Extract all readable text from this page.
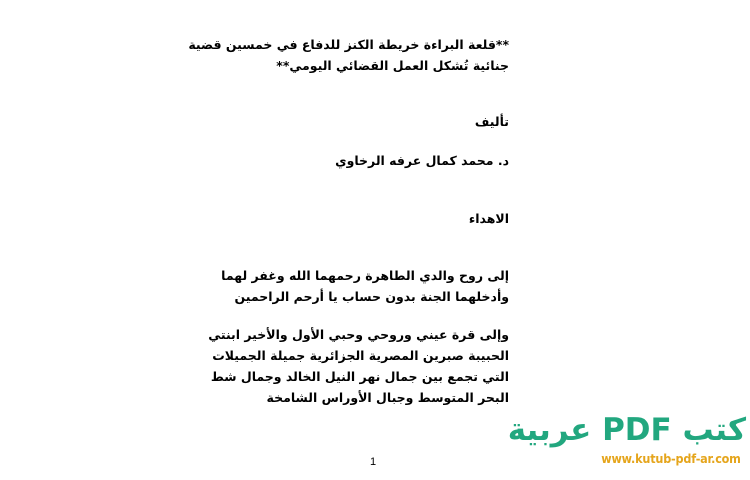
**قلعة البراءة خريطة الكنز للدفاع في خمسين قضية
جنائية تُشكل العمل القضائي اليومي**
تأليف
د. محمد كمال عرفه الرخاوي
الاهداء
إلى روح والدي الطاهرة رحمهما الله وغفر لهما
وأدخلهما الجنة بدون حساب يا أرحم الراحمين
وإلى قرة عيني وروحي وحبي الأول والأخير ابنتي
الحبيبة صبرين المصرية الجزائرية جميلة الجميلات
التي تجمع بين جمال نهر النيل الخالد وجمال شط
البحر المتوسط وجبال الأوراس الشامخة
1
كتب PDF عربية
www.kutub-pdf-ar.com
